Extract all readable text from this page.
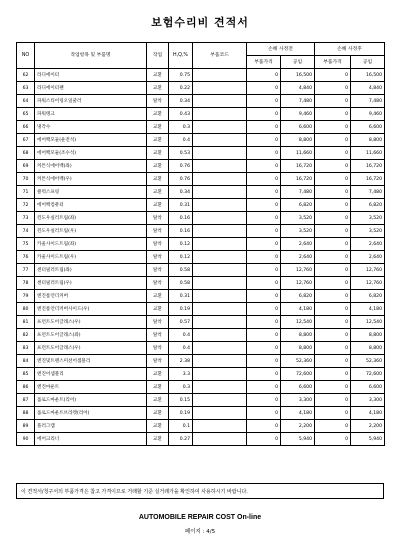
보험수리비 견적서
NO	작업항목 및 부품명	작업	H,Q,%	부품코드	손해 사정전		손해 사정후	
					부품가격	공임	부품가격	공임
62	라디에이터	교환	0.75		0	16,500	0	16,500
63	라디에이터팬	교환	0.22		0	4,840	0	4,840
64	파워스티어링오일쿨러	탈착	0.34		0	7,480	0	7,480
65	파워탱크	교환	0.43		0	9,460	0	9,460
66	냉각수	교환	0.3		0	6,600	0	6,600
67	에어백모듈(운전석)	교환	0.4		0	8,800	0	8,800
68	에어백모듈(조수석)	교환	0.53		0	11,660	0	11,660
69	커튼식에어백(좌)	교환	0.76		0	16,720	0	16,720
70	커튼식에어백(우)	교환	0.76		0	16,720	0	16,720
71	클럭스프링	교환	0.34		0	7,480	0	7,480
72	에어백컴퓨터	교환	0.31		0	6,820	0	6,820
73	윈도우실러트림(좌)	탈착	0.16		0	3,520	0	3,520
74	윈도우실러트림(우)	탈착	0.16		0	3,520	0	3,520
75	카울사이드트림(좌)	탈착	0.12		0	2,640	0	2,640
76	카울사이드트림(우)	탈착	0.12		0	2,640	0	2,640
77	센터필러트림(좌)	탈착	0.58		0	12,760	0	12,760
78	센터필러트림(우)	탈착	0.58		0	12,760	0	12,760
79	엔진룸언더커버	교환	0.31		0	6,820	0	6,820
80	엔진룸언더커버사이드(우)	교환	0.19		0	4,180	0	4,180
81	프런트도어글래스(우)	탈착	0.57		0	12,540	0	12,540
82	프런트도어글래스(좌)	탈착	0.4		0	8,800	0	8,800
83	프런트도어글래스(우)	탈착	0.4		0	8,800	0	8,800
84	엔진및트랜스미션어셈블리	탈착	2.38		0	52,360	0	52,360
85	엔진어셈블리	교환	3.3		0	72,600	0	72,600
86	엔진마운트	교환	0.3		0	6,600	0	6,600
87	롤로드마운트(리어)	교환	0.15		0	3,300	0	3,300
88	롤로드마운트브라켓(리어)	교환	0.19		0	4,180	0	4,180
89	플러그캡	교환	0.1		0	2,200	0	2,200
90	에어크리너	교환	0.27		0	5,940	0	5,940
이 견적서/청구서의 부품가격은 참고 가격이므로 거래할 기준 실거래가을 확인하여 사용하시기 바랍니다.
AUTOMOBILE REPAIR COST On-line
페이지 : 4/5
